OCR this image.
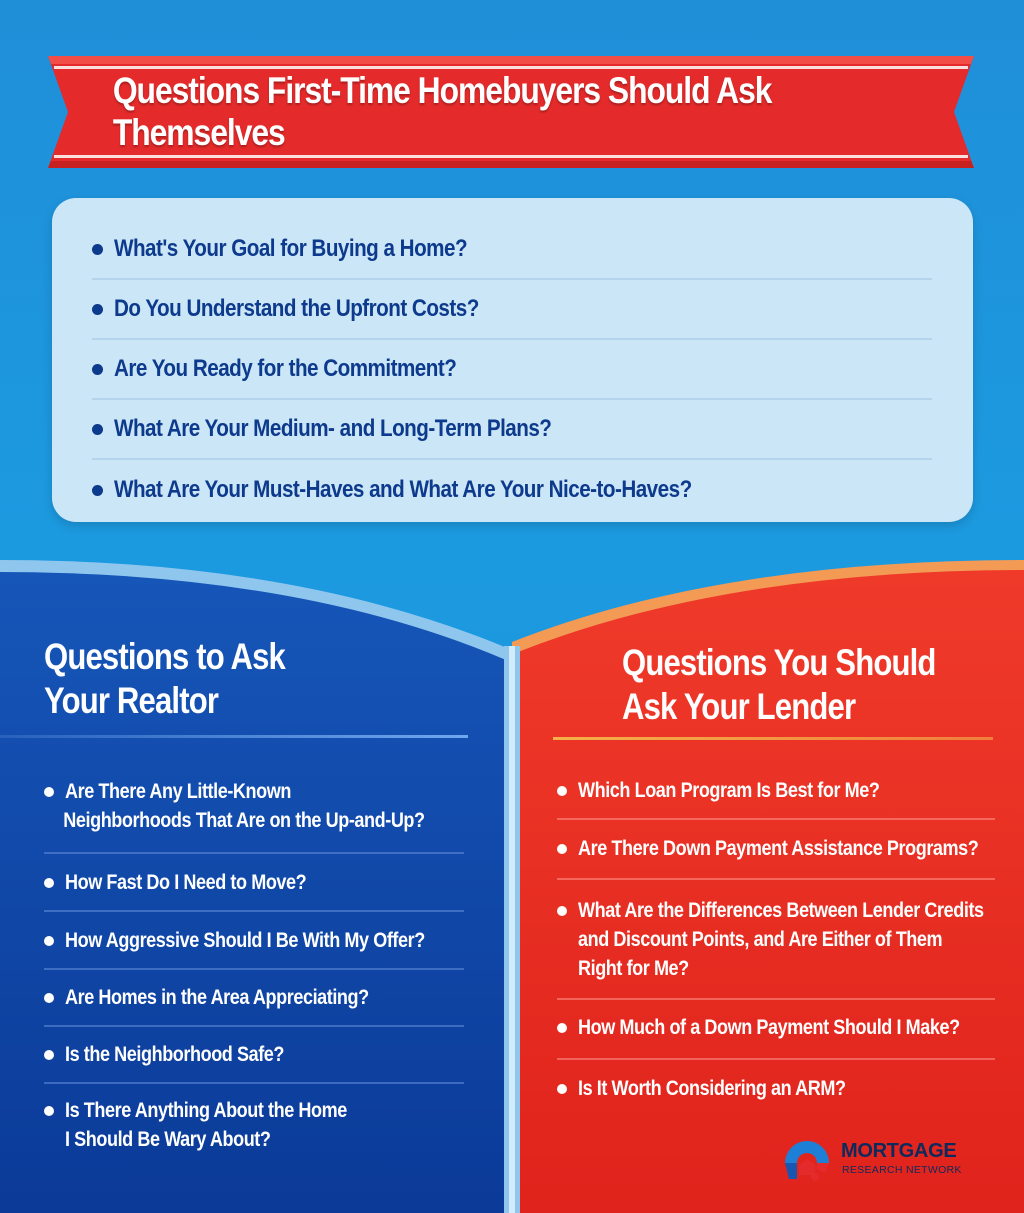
Questions First-Time Homebuyers Should Ask Themselves
What's Your Goal for Buying a Home?
Do You Understand the Upfront Costs?
Are You Ready for the Commitment?
What Are Your Medium- and Long-Term Plans?
What Are Your Must-Haves and What Are Your Nice-to-Haves?
Questions to Ask
Your Realtor
Are There Any Little-Known
Neighborhoods That Are on the Up-and-Up?
How Fast Do I Need to Move?
How Aggressive Should I Be With My Offer?
Are Homes in the Area Appreciating?
Is the Neighborhood Safe?
Is There Anything About the Home
I Should Be Wary About?
Questions You Should
Ask Your Lender
Which Loan Program Is Best for Me?
Are There Down Payment Assistance Programs?
What Are the Differences Between Lender Credits
and Discount Points, and Are Either of Them
Right for Me?
How Much of a Down Payment Should I Make?
Is It Worth Considering an ARM?
MORTGAGE
RESEARCH NETWORK
